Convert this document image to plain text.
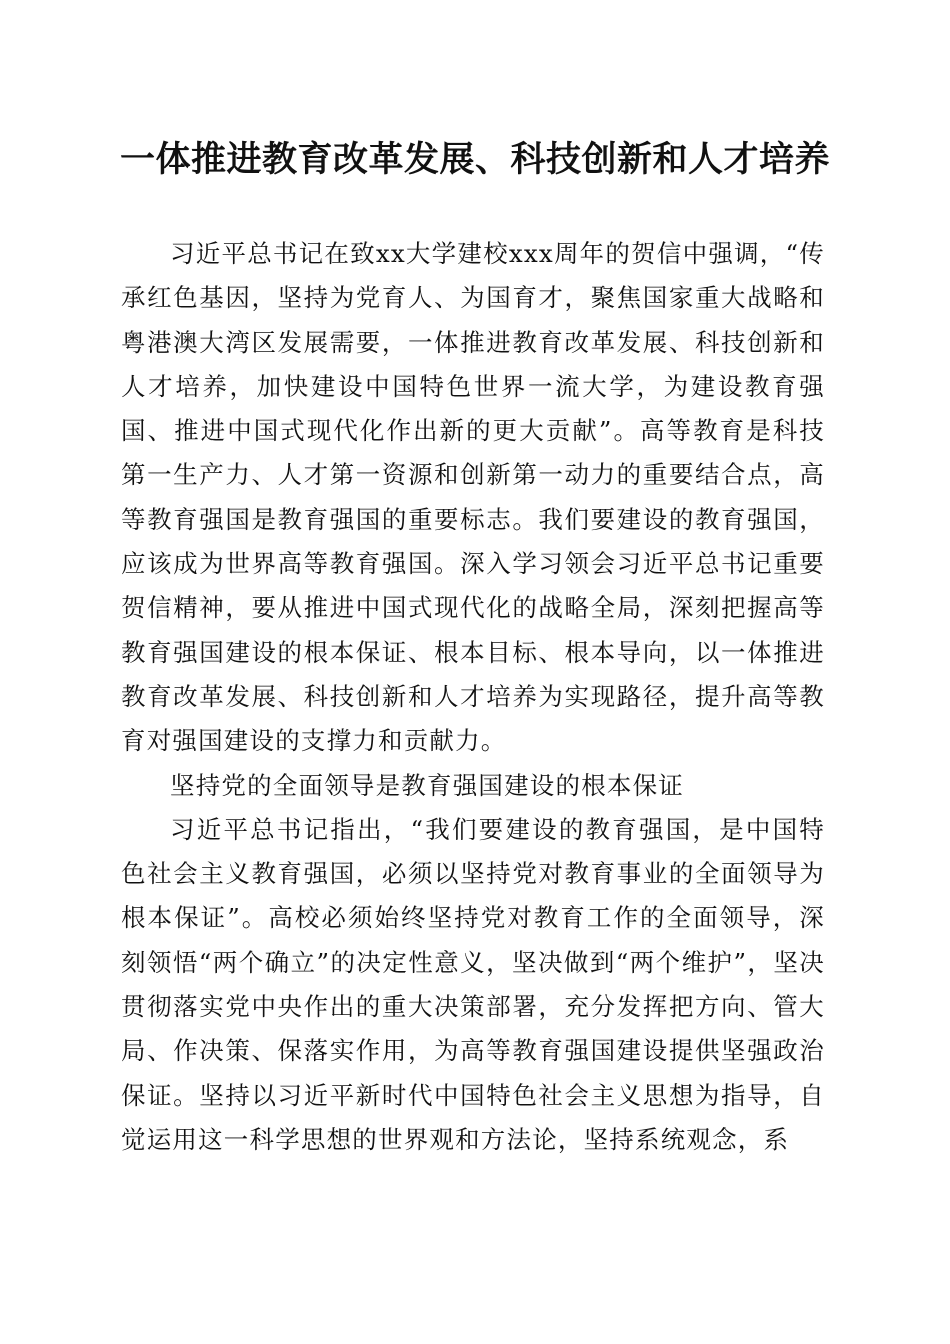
一体推进教育改革发展、科技创新和人才培养

习近平总书记在致xx大学建校xxx周年的贺信中强调，“传承红色基因，坚持为党育人、为国育才，聚焦国家重大战略和粤港澳大湾区发展需要，一体推进教育改革发展、科技创新和人才培养，加快建设中国特色世界一流大学，为建设教育强国、推进中国式现代化作出新的更大贡献”。高等教育是科技第一生产力、人才第一资源和创新第一动力的重要结合点，高等教育强国是教育强国的重要标志。我们要建设的教育强国，应该成为世界高等教育强国。深入学习领会习近平总书记重要贺信精神，要从推进中国式现代化的战略全局，深刻把握高等教育强国建设的根本保证、根本目标、根本导向，以一体推进教育改革发展、科技创新和人才培养为实现路径，提升高等教育对强国建设的支撑力和贡献力。

坚持党的全面领导是教育强国建设的根本保证

习近平总书记指出，“我们要建设的教育强国，是中国特色社会主义教育强国，必须以坚持党对教育事业的全面领导为根本保证”。高校必须始终坚持党对教育工作的全面领导，深刻领悟“两个确立”的决定性意义，坚决做到“两个维护”，坚决贯彻落实党中央作出的重大决策部署，充分发挥把方向、管大局、作决策、保落实作用，为高等教育强国建设提供坚强政治保证。坚持以习近平新时代中国特色社会主义思想为指导，自觉运用这一科学思想的世界观和方法论，坚持系统观念，系
